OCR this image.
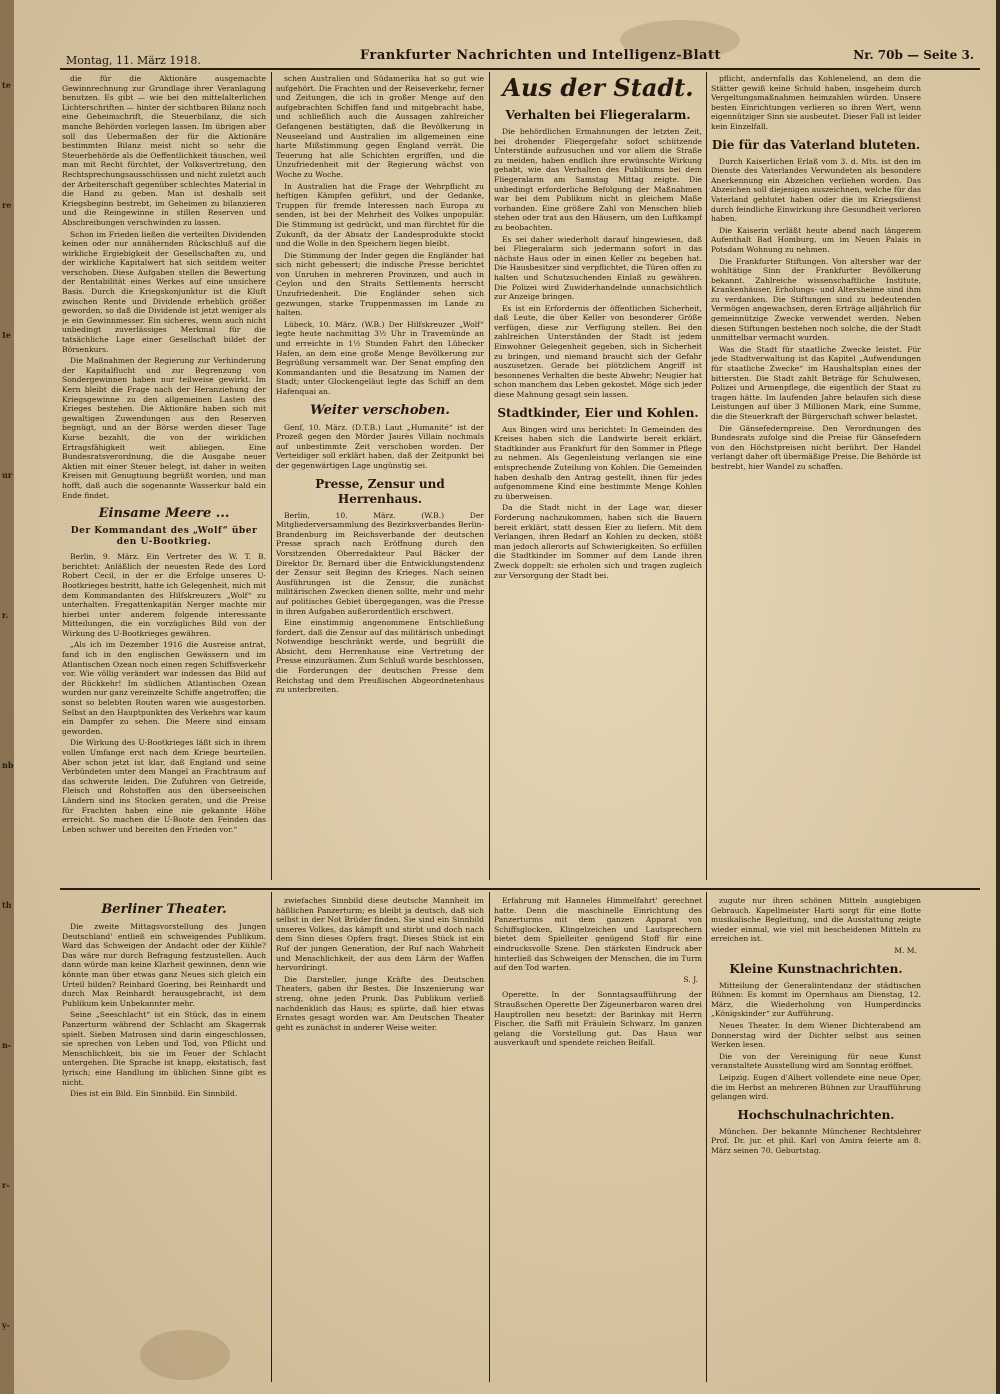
te
re
Ie
ur
r.
nb
th
n-
r-
y-
Montag, 11. März 1918.	Frankfurter Nachrichten und Intelligenz-Blatt	Nr. 70b — Seite 3.

die für die Aktionäre ausgemachte Gewinnrechnung zur Grundlage ihrer Veranlagung benutzen. Es gibt — wie bei den mittelalterlichen Lichterschriften — hinter der sichtbaren Bilanz noch eine Geheimschrift, die Steuerbilanz, die sich manche Behörden vorlegen lassen. Im übrigen aber soll das Uebermaßen der für die Aktionäre bestimmten Bilanz meist nicht so sehr die Steuerbehörde als die Oeffentlichkeit täuschen, weil man mit Recht fürchtet, der Volksvertretung, den Rechtsprechungsausschüssen und nicht zuletzt auch der Arbeiterschaft gegenüber schlechtes Material in die Hand zu geben. Man ist deshalb seit Kriegsbeginn bestrebt, im Geheimen zu bilanzieren und die Reingewinne in stillen Reserven und Abschreibungen verschwinden zu lassen.

Schon im Frieden ließen die verteilten Dividenden keinen oder nur annähernden Rückschluß auf die wirkliche Ergiebigkeit der Gesellschaften zu, und der wirkliche Kapitalwert hat sich seitdem weiter verschoben. Diese Aufgaben stellen die Bewertung der Rentabilität eines Werkes auf eine unsichere Basis. Durch die Kriegskonjunktur ist die Kluft zwischen Rente und Dividende erheblich größer geworden, so daß die Dividende ist jetzt weniger als je ein Gewinnmesser. Ein sicheres, wenn auch nicht unbedingt zuverlässiges Merkmal für die tatsächliche Lage einer Gesellschaft bildet der Börsenkurs.

Die Maßnahmen der Regierung zur Verhinderung der Kapitalflucht und zur Begrenzung von Sondergewinnen haben nur teilweise gewirkt. Im Kern bleibt die Frage nach der Heranziehung der Kriegsgewinne zu den allgemeinen Lasten des Krieges bestehen. Die Aktionäre haben sich mit gewaltigen Zuwendungen aus den Reserven begnügt, und an der Börse werden dieser Tage Kurse bezahlt, die von der wirklichen Ertragsfähigkeit weit abliegen. Eine Bundesratsverordnung, die die Ausgabe neuer Aktien mit einer Steuer belegt, ist daher in weiten Kreisen mit Genugtuung begrüßt worden, und man hofft, daß auch die sogenannte Wasserkur bald ein Ende findet.

Einsame Meere ...
Der Kommandant des „Wolf“ über den U-Bootkrieg.

Berlin, 9. März. Ein Vertreter des W. T. B. berichtet: Anläßlich der neuesten Rede des Lord Robert Cecil, in der er die Erfolge unseres U-Bootkrieges bestritt, hatte ich Gelegenheit, mich mit dem Kommandanten des Hilfskreuzers „Wolf“ zu unterhalten. Fregattenkapitän Nerger machte mir hierbei unter anderem folgende interessante Mitteilungen, die ein vorzügliches Bild von der Wirkung des U-Bootkrieges gewähren.

„Als ich im Dezember 1916 die Ausreise antrat, fand ich in den englischen Gewässern und im Atlantischen Ozean noch einen regen Schiffsverkehr vor. Wie völlig verändert war indessen das Bild auf der Rückkehr! Im südlichen Atlantischen Ozean wurden nur ganz vereinzelte Schiffe angetroffen; die sonst so belebten Routen waren wie ausgestorben. Selbst an den Hauptpunkten des Verkehrs war kaum ein Dampfer zu sehen. Die Meere sind einsam geworden.

Die Wirkung des U-Bootkrieges läßt sich in ihrem vollen Umfange erst nach dem Kriege beurteilen. Aber schon jetzt ist klar, daß England und seine Verbündeten unter dem Mangel an Frachtraum auf das schwerste leiden. Die Zufuhren von Getreide, Fleisch und Rohstoffen aus den überseeischen Ländern sind ins Stocken geraten, und die Preise für Frachten haben eine nie gekannte Höhe erreicht. So machen die U-Boote den Feinden das Leben schwer und bereiten den Frieden vor.“

schen Australien und Südamerika hat so gut wie aufgehört. Die Frachten und der Reiseverkehr, ferner und Zeitungen, die ich in großer Menge auf den aufgebrachten Schiffen fand und mitgebracht habe, und schließlich auch die Aussagen zahlreicher Gefangenen bestätigten, daß die Bevölkerung in Neuseeland und Australien im allgemeinen eine harte Mißstimmung gegen England verrät. Die Teuerung hat alle Schichten ergriffen, und die Unzufriedenheit mit der Regierung wächst von Woche zu Woche.

In Australien hat die Frage der Wehrpflicht zu heftigen Kämpfen geführt, und der Gedanke, Truppen für fremde Interessen nach Europa zu senden, ist bei der Mehrheit des Volkes unpopulär. Die Stimmung ist gedrückt, und man fürchtet für die Zukunft, da der Absatz der Landesprodukte stockt und die Wolle in den Speichern liegen bleibt.

Die Stimmung der Inder gegen die Engländer hat sich nicht gebessert; die indische Presse berichtet von Unruhen in mehreren Provinzen, und auch in Ceylon und den Straits Settlements herrscht Unzufriedenheit. Die Engländer sehen sich gezwungen, starke Truppenmassen im Lande zu halten.

Lübeck, 10. März. (W.B.) Der Hilfskreuzer „Wolf“ legte heute nachmittag 3½ Uhr in Travemünde an und erreichte in 1½ Stunden Fahrt den Lübecker Hafen, an dem eine große Menge Bevölkerung zur Begrüßung versammelt war. Der Senat empfing den Kommandanten und die Besatzung im Namen der Stadt; unter Glockengeläut legte das Schiff an dem Hafenquai an.

Weiter verschoben.

Genf, 10. März. (D.T.B.) Laut „Humanité“ ist der Prozeß gegen den Mörder Jaurès Villain nochmals auf unbestimmte Zeit verschoben worden. Der Verteidiger soll erklärt haben, daß der Zeitpunkt bei der gegenwärtigen Lage ungünstig sei.

Presse, Zensur und Herrenhaus.

Berlin, 10. März. (W.B.) Der Mitgliederversammlung des Bezirksverbandes Berlin-Brandenburg im Reichsverbande der deutschen Presse sprach nach Eröffnung durch den Vorsitzenden Oberredakteur Paul Bäcker der Direktor Dr. Bernard über die Entwicklungstendenz der Zensur seit Beginn des Krieges. Nach seinen Ausführungen ist die Zensur, die zunächst militärischen Zwecken dienen sollte, mehr und mehr auf politisches Gebiet übergegangen, was die Presse in ihren Aufgaben außerordentlich erschwert.

Eine einstimmig angenommene Entschließung fordert, daß die Zensur auf das militärisch unbedingt Notwendige beschränkt werde, und begrüßt die Absicht, dem Herrenhause eine Vertretung der Presse einzuräumen. Zum Schluß wurde beschlossen, die Forderungen der deutschen Presse dem Reichstag und dem Preußischen Abgeordnetenhaus zu unterbreiten.

Aus der Stadt.
Verhalten bei Fliegeralarm.

Die behördlichen Ermahnungen der letzten Zeit, bei drohender Fliegergefahr sofort schützende Unterstände aufzusuchen und vor allem die Straße zu meiden, haben endlich ihre erwünschte Wirkung gehabt, wie das Verhalten des Publikums bei dem Fliegeralarm am Samstag Mittag zeigte. Die unbedingt erforderliche Befolgung der Maßnahmen war bei dem Publikum nicht in gleichem Maße vorhanden. Eine größere Zahl von Menschen blieb stehen oder trat aus den Häusern, um den Luftkampf zu beobachten.

Es sei daher wiederholt darauf hingewiesen, daß bei Fliegeralarm sich jedermann sofort in das nächste Haus oder in einen Keller zu begeben hat. Die Hausbesitzer sind verpflichtet, die Türen offen zu halten und Schutzsuchenden Einlaß zu gewähren. Die Polizei wird Zuwiderhandelnde unnachsichtlich zur Anzeige bringen.

Es ist ein Erfordernis der öffentlichen Sicherheit, daß Leute, die über Keller von besonderer Größe verfügen, diese zur Verfügung stellen. Bei den zahlreichen Unterständen der Stadt ist jedem Einwohner Gelegenheit gegeben, sich in Sicherheit zu bringen, und niemand braucht sich der Gefahr auszusetzen. Gerade bei plötzlichem Angriff ist besonnenes Verhalten die beste Abwehr; Neugier hat schon manchem das Leben gekostet. Möge sich jeder diese Mahnung gesagt sein lassen.

Stadtkinder, Eier und Kohlen.

Aus Bingen wird uns berichtet: In Gemeinden des Kreises haben sich die Landwirte bereit erklärt, Stadtkinder aus Frankfurt für den Sommer in Pflege zu nehmen. Als Gegenleistung verlangen sie eine entsprechende Zuteilung von Kohlen. Die Gemeinden haben deshalb den Antrag gestellt, ihnen für jedes aufgenommene Kind eine bestimmte Menge Kohlen zu überweisen.

Da die Stadt nicht in der Lage war, dieser Forderung nachzukommen, haben sich die Bauern bereit erklärt, statt dessen Eier zu liefern. Mit dem Verlangen, ihren Bedarf an Kohlen zu decken, stößt man jedoch allerorts auf Schwierigkeiten. So erfüllen die Stadtkinder im Sommer auf dem Lande ihren Zweck doppelt: sie erholen sich und tragen zugleich zur Versorgung der Stadt bei.

pflicht, andernfalls das Kohlenelend, an dem die Stätter gewiß keine Schuld haben, insgeheim durch Vergeltungsmaßnahmen heimzahlen würden. Unsere besten Einrichtungen verlieren so ihren Wert, wenn eigennütziger Sinn sie ausbeutet. Dieser Fall ist leider kein Einzelfall.

Die für das Vaterland bluteten.

Durch Kaiserlichen Erlaß vom 3. d. Mts. ist den im Dienste des Vaterlandes Verwundeten als besondere Anerkennung ein Abzeichen verliehen worden. Das Abzeichen soll diejenigen auszeichnen, welche für das Vaterland geblutet haben oder die im Kriegsdienst durch feindliche Einwirkung ihre Gesundheit verloren haben.

Die Kaiserin verläßt heute abend nach längerem Aufenthalt Bad Homburg, um im Neuen Palais in Potsdam Wohnung zu nehmen.

Die Frankfurter Stiftungen. Von altersher war der wohltätige Sinn der Frankfurter Bevölkerung bekannt. Zahlreiche wissenschaftliche Institute, Krankenhäuser, Erholungs- und Altersheime sind ihm zu verdanken. Die Stiftungen sind zu bedeutenden Vermögen angewachsen, deren Erträge alljährlich für gemeinnützige Zwecke verwendet werden. Neben diesen Stiftungen bestehen noch solche, die der Stadt unmittelbar vermacht wurden.

Was die Stadt für staatliche Zwecke leistet. Für jede Stadtverwaltung ist das Kapitel „Aufwendungen für staatliche Zwecke“ im Haushaltsplan eines der bittersten. Die Stadt zahlt Beträge für Schulwesen, Polizei und Armenpflege, die eigentlich der Staat zu tragen hätte. Im laufenden Jahre belaufen sich diese Leistungen auf über 3 Millionen Mark, eine Summe, die die Steuerkraft der Bürgerschaft schwer belastet.

Die Gänsefedernpreise. Den Verordnungen des Bundesrats zufolge sind die Preise für Gänsefedern von den Höchstpreisen nicht berührt. Der Handel verlangt daher oft übermäßige Preise. Die Behörde ist bestrebt, hier Wandel zu schaffen.

Berliner Theater.

Die zweite Mittagsvorstellung des Jungen Deutschland' entließ ein schweigendes Publikum. Ward das Schweigen der Andacht oder der Kühle? Das wäre nur durch Befragung festzustellen. Auch dann würde man keine Klarheit gewinnen, denn wie könnte man über etwas ganz Neues sich gleich ein Urteil bilden? Reinhard Goering, bei Reinhardt und durch Max Reinhardt herausgebracht, ist dem Publikum kein Unbekannter mehr.

Seine „Seeschlacht“ ist ein Stück, das in einem Panzerturm während der Schlacht am Skagerrak spielt. Sieben Matrosen sind darin eingeschlossen, sie sprechen von Leben und Tod, von Pflicht und Menschlichkeit, bis sie im Feuer der Schlacht untergehen. Die Sprache ist knapp, ekstatisch, fast lyrisch; eine Handlung im üblichen Sinne gibt es nicht.

Dies ist ein Bild. Ein Sinnbild. Ein Sinnbild.

zwiefaches Sinnbild diese deutsche Mannheit im häßlichen Panzerturm; es bleibt ja deutsch, daß sich selbst in der Not Brüder finden. Sie sind ein Sinnbild unseres Volkes, das kämpft und stirbt und doch nach dem Sinn dieses Opfers fragt. Dieses Stück ist ein Ruf der jungen Generation, der Ruf nach Wahrheit und Menschlichkeit, der aus dem Lärm der Waffen hervordringt.

Die Darsteller, junge Kräfte des Deutschen Theaters, gaben ihr Bestes. Die Inszenierung war streng, ohne jeden Prunk. Das Publikum verließ nachdenklich das Haus; es spürte, daß hier etwas Ernstes gesagt worden war. Am Deutschen Theater geht es zunächst in anderer Weise weiter.

Erfahrung mit Hanneles Himmelfahrt' gerechnet hatte. Denn die maschinelle Einrichtung des Panzerturms mit dem ganzen Apparat von Schiffsglocken, Klingelzeichen und Lautsprechern bietet dem Spielleiter genügend Stoff für eine eindrucksvolle Szene. Den stärksten Eindruck aber hinterließ das Schweigen der Menschen, die im Turm auf den Tod warten.

S. J.

Operette. In der Sonntagsaufführung der Straußschen Operette Der Zigeunerbaron waren drei Hauptrollen neu besetzt: der Barinkay mit Herrn Fischer, die Saffi mit Fräulein Schwarz. Im ganzen gelang die Vorstellung gut. Das Haus war ausverkauft und spendete reichen Beifall.

zugute nur ihren schönen Mitteln ausgiebigen Gebrauch. Kapellmeister Harti sorgt für eine flotte musikalische Begleitung, und die Ausstattung zeigte wieder einmal, wie viel mit bescheidenen Mitteln zu erreichen ist.

M. M.
Kleine Kunstnachrichten.

Mitteilung der Generalintendanz der städtischen Bühnen: Es kommt im Opernhaus am Dienstag, 12. März, die Wiederholung von Humperdincks „Königskinder“ zur Aufführung.

Neues Theater. In dem Wiener Dichterabend am Donnerstag wird der Dichter selbst aus seinen Werken lesen.

Die von der Vereinigung für neue Kunst veranstaltete Ausstellung wird am Sonntag eröffnet.

Leipzig. Eugen d'Albert vollendete eine neue Oper, die im Herbst an mehreren Bühnen zur Uraufführung gelangen wird.

Hochschulnachrichten.

München. Der bekannte Münchener Rechtslehrer Prof. Dr. jur. et phil. Karl von Amira feierte am 8. März seinen 70. Geburtstag.
